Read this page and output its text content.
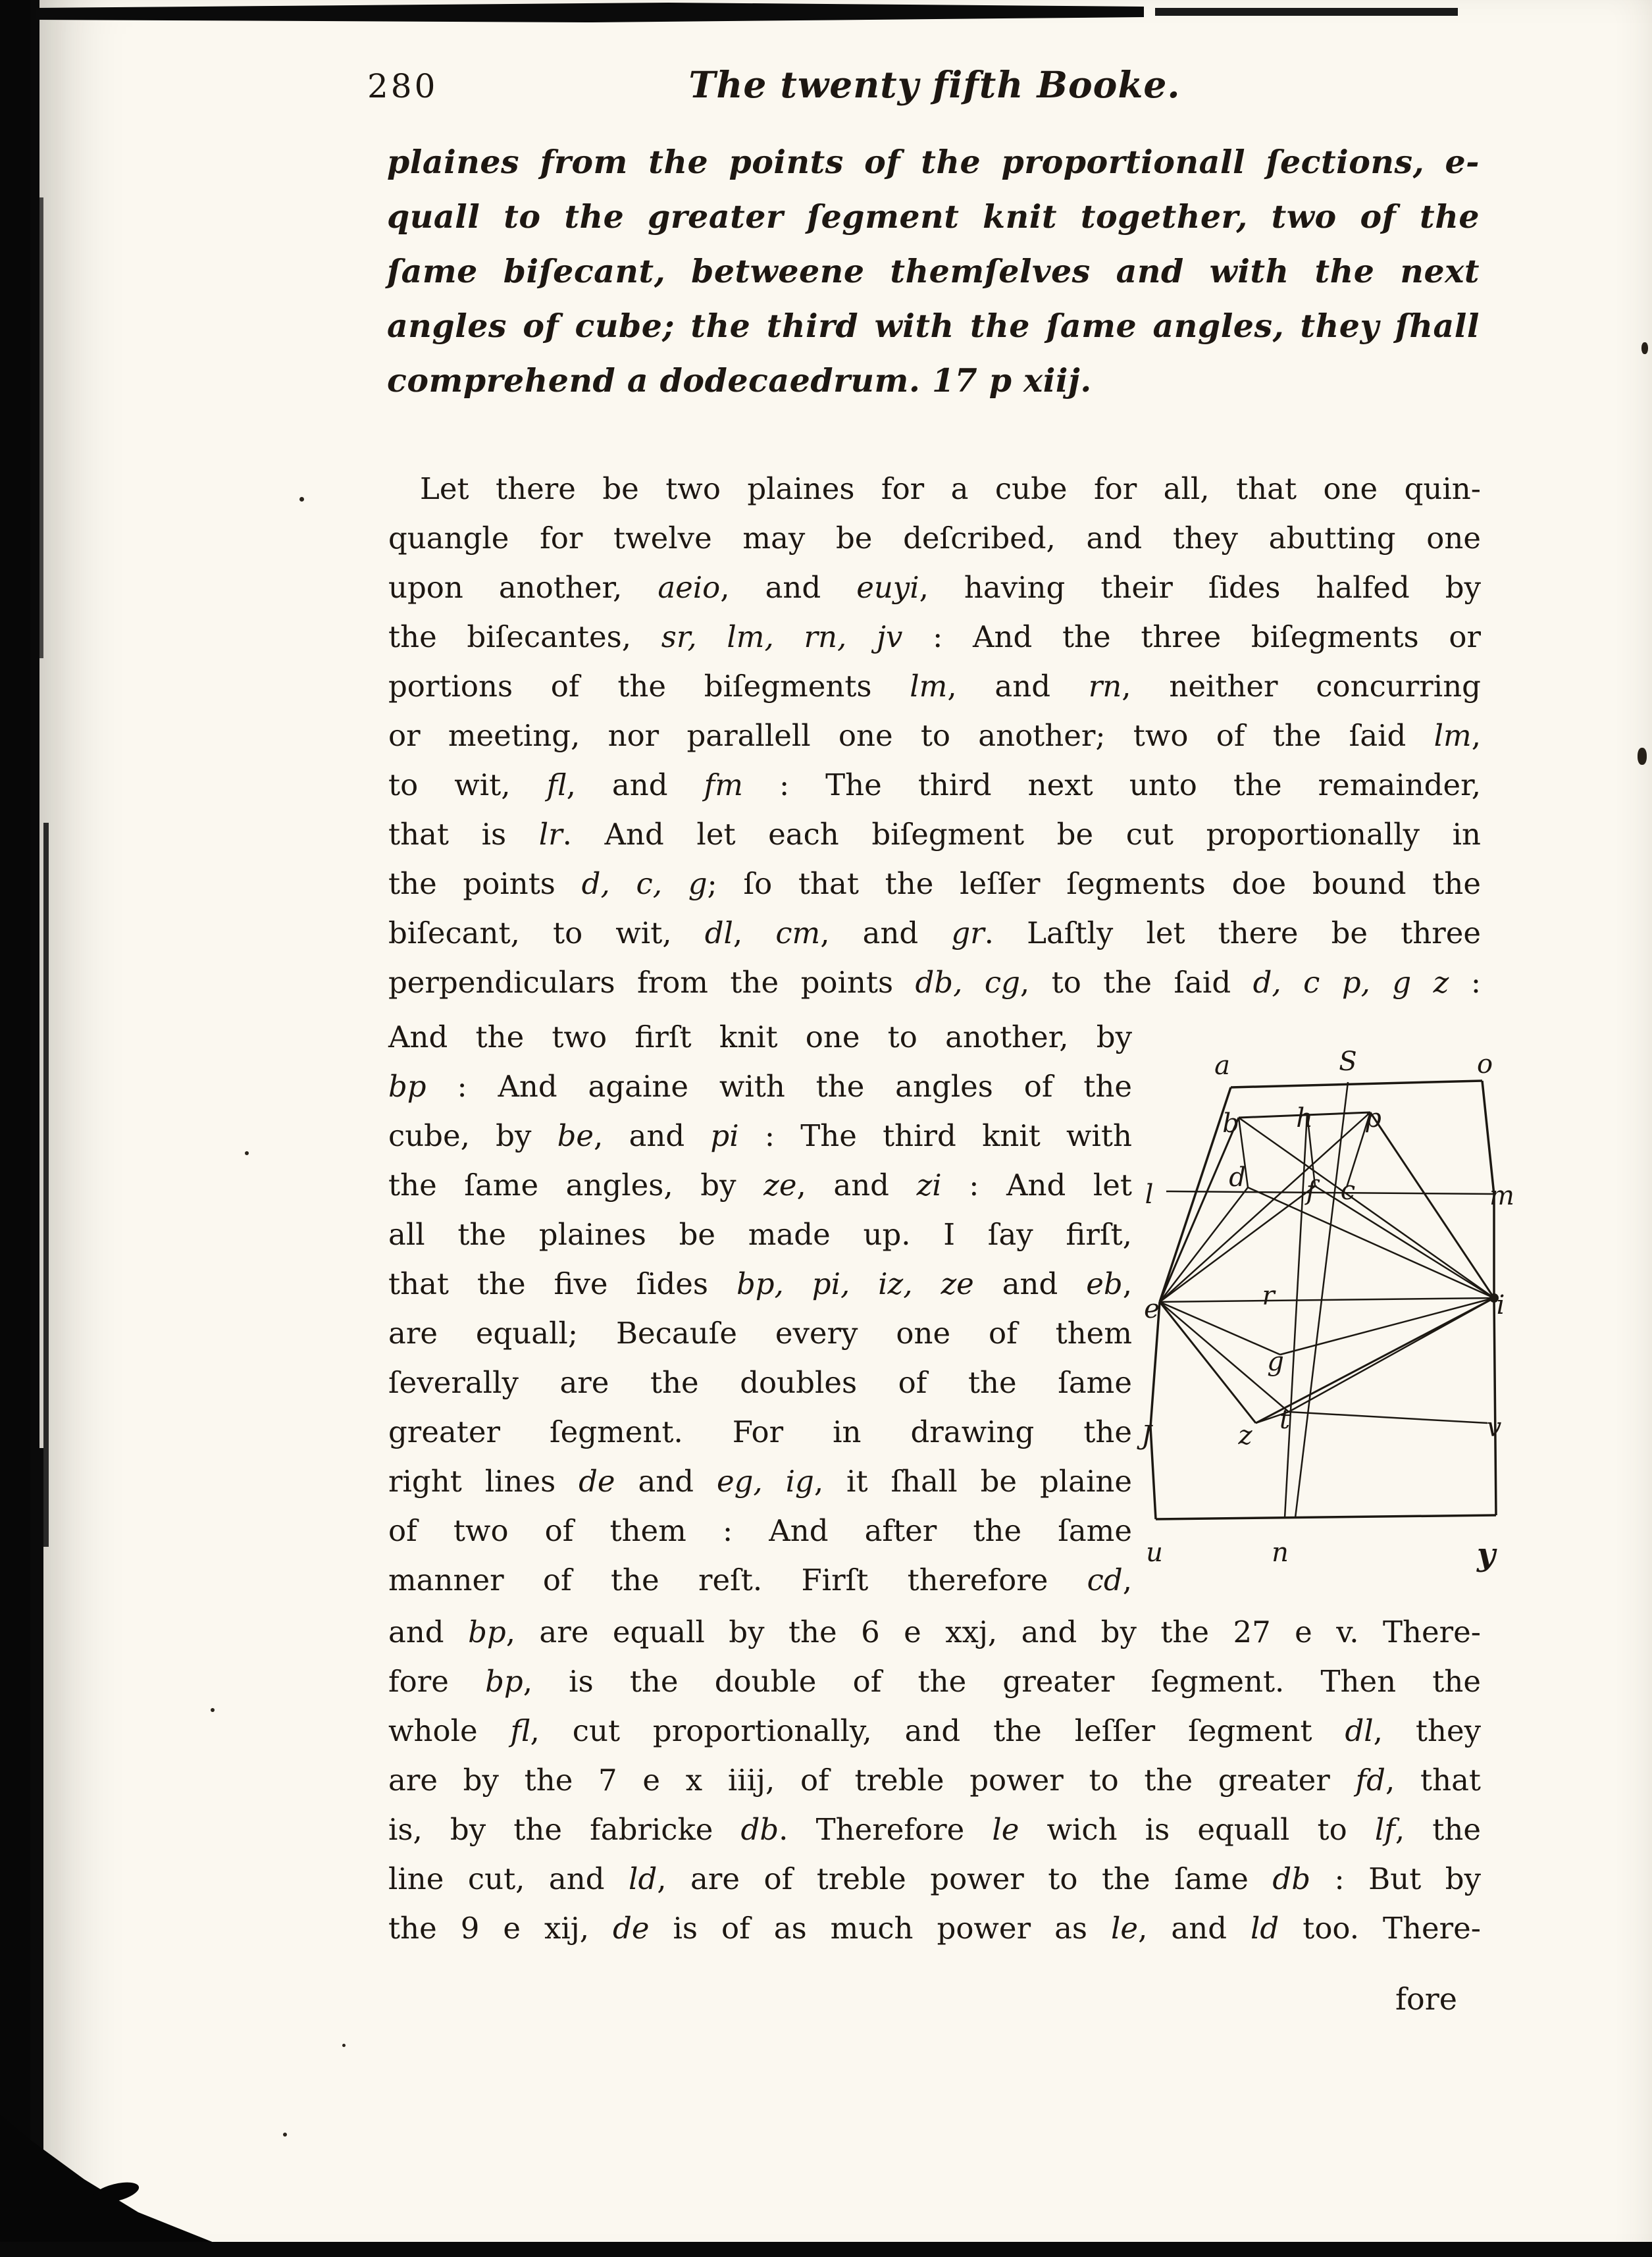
280	The twenty fifth Booke.
plaines from the points of the proportionall ſections, e-
quall to the greater ſegment knit together, two of the
ſame biſecant, betweene themſelves and with the next
angles of cube; the third with the ſame angles, they ſhall
comprehend a dodecaedrum. 17 p xiij.
Let there be two plaines for a cube for all, that one quin-
quangle for twelve may be deſcribed, and they abutting one
upon another, aeio, and euyi, having their ſides halfed by
the biſecantes, sr, lm, rn, jv : And the three biſegments or
portions of the biſegments lm, and rn, neither concurring
or meeting, nor parallell one to another; two of the ſaid lm,
to wit, fl, and fm : The third next unto the remainder,
that is lr. And let each biſegment be cut proportionally in
the points d, c, g; ſo that the leſſer ſegments doe bound the
biſecant, to wit, dl, cm, and gr. Laſtly let there be three
perpendiculars from the points db, cg, to the ſaid d, c p, g z :
And the two firſt knit one to another, by
bp : And againe with the angles of the
cube, by be, and pi : The third knit with
the ſame angles, by ze, and zi : And let
all the plaines be made up. I ſay firſt,
that the five ſides bp, pi, iz, ze and eb,
are equall; Becauſe every one of them
ſeverally are the doubles of the ſame
greater ſegment. For in drawing the
right lines de and eg, ig, it ſhall be plaine
of two of them : And after the ſame
manner of the reſt. Firſt therefore cd,
and bp, are equall by the 6 e xxj, and by the 27 e v. There-
fore bp, is the double of the greater ſegment. Then the
whole fl, cut proportionally, and the leſſer ſegment dl, they
are by the 7 e x iiij, of treble power to the greater fd, that
is, by the fabricke db. Therefore le wich is equall to lf, the
line cut, and ld, are of treble power to the ſame db : But by
the 9 e xij, de is of as much power as le, and ld too. There-
fore
a	S	o
b h p
l
d f c	m
e	i
r
g
t
z
J	v
u	n	y
